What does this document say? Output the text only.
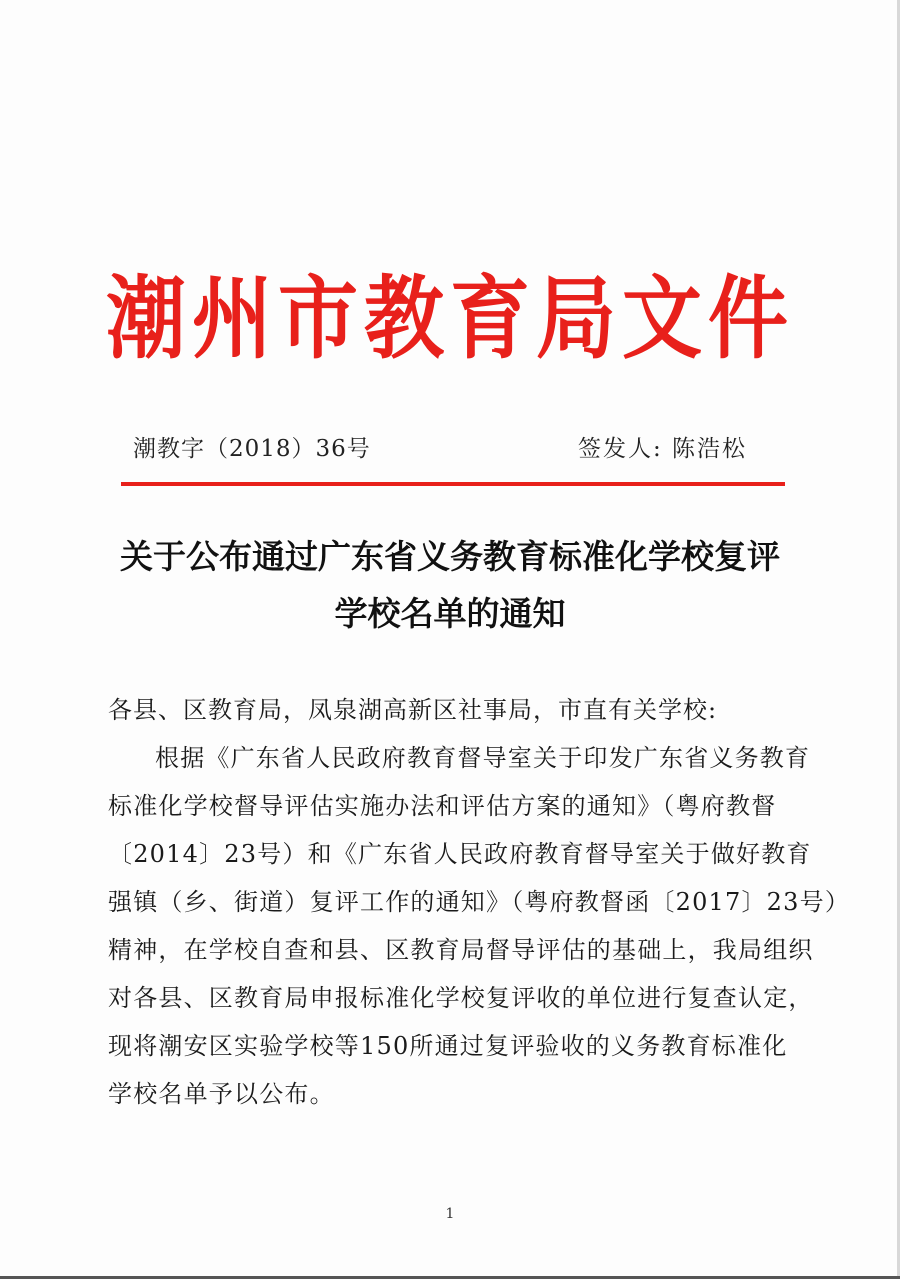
潮州市教育局文件
潮教字（2018）36号	签发人: 陈浩松
关于公布通过广东省义务教育标准化学校复评
学校名单的通知
各县、区教育局，凤泉湖高新区社事局，市直有关学校:
根据《广东省人民政府教育督导室关于印发广东省义务教育
标准化学校督导评估实施办法和评估方案的通知》（粤府教督
〔2014〕23号）和《广东省人民政府教育督导室关于做好教育
强镇（乡、街道）复评工作的通知》（粤府教督函〔2017〕23号）
精神，在学校自查和县、区教育局督导评估的基础上，我局组织
对各县、区教育局申报标准化学校复评收的单位进行复查认定，
现将潮安区实验学校等150所通过复评验收的义务教育标准化
学校名单予以公布。
1
